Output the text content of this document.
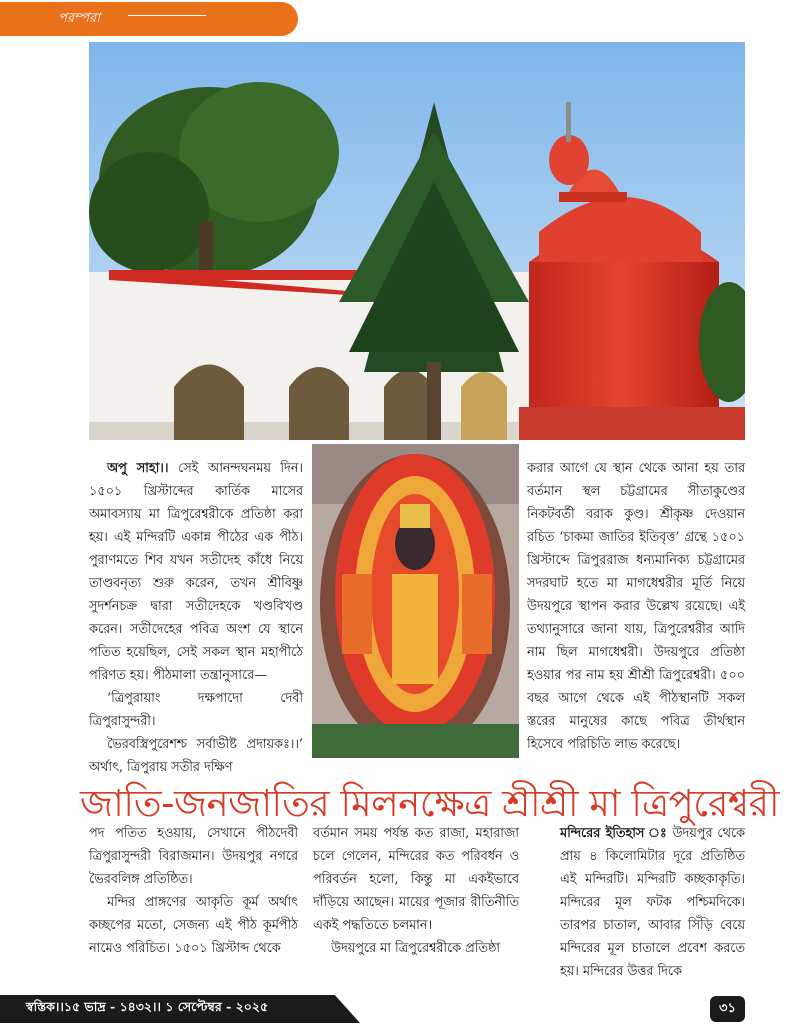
পরম্পরা

অপু সাহা।। সেই আনন্দঘনময় দিন। ১৫০১ খ্রিস্টাব্দের কার্তিক মাসের অমাবস্যায় মা ত্রিপুরেশ্বরীকে প্রতিষ্ঠা করা হয়। এই মন্দিরটি একান্ন পীঠের এক পীঠ। পুরাণমতে শিব যখন সতীদেহ কাঁধে নিয়ে তাণ্ডবনৃত্য শুরু করেন, তখন শ্রীবিষ্ণু সুদর্শনচক্র দ্বারা সতীদেহকে খণ্ডবিখণ্ড করেন। সতীদেহের পবিত্র অংশ যে স্থানে পতিত হয়েছিল, সেই সকল স্থান মহাপীঠে পরিণত হয়। পীঠমালা তন্ত্রানুসারে—

‘ত্রিপুরায়াং দক্ষপাদো দেবী ত্রিপুরাসুন্দরী।

ভৈরবস্ত্রিপুরেশশ্চ সর্বাভীষ্ট প্রদায়কঃ।।’ অর্থাৎ, ত্রিপুরায় সতীর দক্ষিণ

করার আগে যে স্থান থেকে আনা হয় তার বর্তমান স্থল চট্টগ্রামের সীতাকুণ্ডের নিকটবর্তী বরাক কুণ্ড। শ্রীকৃষ্ণ দেওয়ান রচিত ‘চাকমা জাতির ইতিবৃত্ত’ গ্রন্থে ১৫০১ খ্রিস্টাব্দে ত্রিপুররাজ ধন্যমানিক্য চট্টগ্রামের সদরঘাট হতে মা মাগধেশ্বরীর মূর্তি নিয়ে উদয়পুরে স্থাপন করার উল্লেখ রয়েছে। এই তথ্যানুসারে জানা যায়, ত্রিপুরেশ্বরীর আদি নাম ছিল মাগধেশ্বরী। উদয়পুরে প্রতিষ্ঠা হওয়ার পর নাম হয় শ্রীশ্রী ত্রিপুরেশ্বরী। ৫০০ বছর আগে থেকে এই পীঠস্থানটি সকল স্তরের মানুষের কাছে পবিত্র তীর্থস্থান হিসেবে পরিচিতি লাভ করেছে।

জাতি-জনজাতির মিলনক্ষেত্র শ্রীশ্রী মা ত্রিপুরেশ্বরী

পদ পতিত হওয়ায়, সেখানে পীঠদেবী ত্রিপুরাসুন্দরী বিরাজমান। উদয়পুর নগরে ভৈরবলিঙ্গ প্রতিষ্ঠিত।

মন্দির প্রাঙ্গণের আকৃতি কূর্ম অর্থাৎ কচ্ছপের মতো, সেজন্য এই পীঠ কূর্মপীঠ নামেও পরিচিত। ১৫০১ খ্রিস্টাব্দ থেকে

বর্তমান সময় পর্যন্ত কত রাজা, মহারাজা চলে গেলেন, মন্দিরের কত পরিবর্ধন ও পরিবর্তন হলো, কিন্তু মা একইভাবে দাঁড়িয়ে আছেন। মায়ের পূজার রীতিনীতি একই পদ্ধতিতে চলমান।

উদয়পুরে মা ত্রিপুরেশ্বরীকে প্রতিষ্ঠা

মন্দিরের ইতিহাস ঃ উদয়পুর থেকে প্রায় ৪ কিলোমিটার দূরে প্রতিষ্ঠিত এই মন্দিরটি। মন্দিরটি কচ্ছকাকৃতি। মন্দিরের মূল ফটক পশ্চিমদিকে। তারপর চাতাল, আবার সিঁড়ি বেয়ে মন্দিরের মূল চাতালে প্রবেশ করতে হয়। মন্দিরের উত্তর দিকে

স্বস্তিক।।১৫ ভাদ্র - ১৪৩২।। ১ সেপ্টেম্বর - ২০২৫	৩১
